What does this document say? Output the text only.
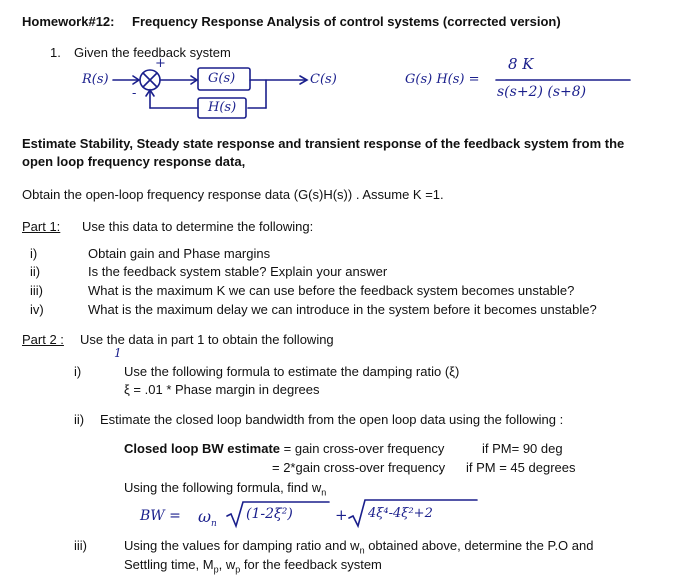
Homework#12: Frequency Response Analysis of control systems (corrected version)
1. Given the feedback system
R(s)
+
-
G(s)
H(s)
C(s)	G(s) H(s) =
8 K
s(s+2) (s+8)
Estimate Stability, Steady state response and transient response of the feedback system from the
open loop frequency response data,
Obtain the open-loop frequency response data (G(s)H(s)) . Assume K =1.
Part 1: Use this data to determine the following:
i)	Obtain gain and Phase margins
ii)	Is the feedback system stable? Explain your answer
iii)	What is the maximum K we can use before the feedback system becomes unstable?
iv)	What is the maximum delay we can introduce in the system before it becomes unstable?
Part 2 : Use the data in part 1 to obtain the following
1
i)	Use the following formula to estimate the damping ratio (ξ)
ξ = .01 * Phase margin in degrees
ii) Estimate the closed loop bandwidth from the open loop data using the following :
Closed loop BW estimate = gain cross-over frequency	if PM= 90 deg
= 2*gain cross-over frequency if PM = 45 degrees
Using the following formula, find $w_n$
BW = $\omega_n$
(1-2ξ²)	+ 4ξ⁴-4ξ²+2
iii)	Using the values for damping ratio and $w_n$ obtained above, determine the P.O and
Settling time, $M_p$, $w_p$ for the feedback system
